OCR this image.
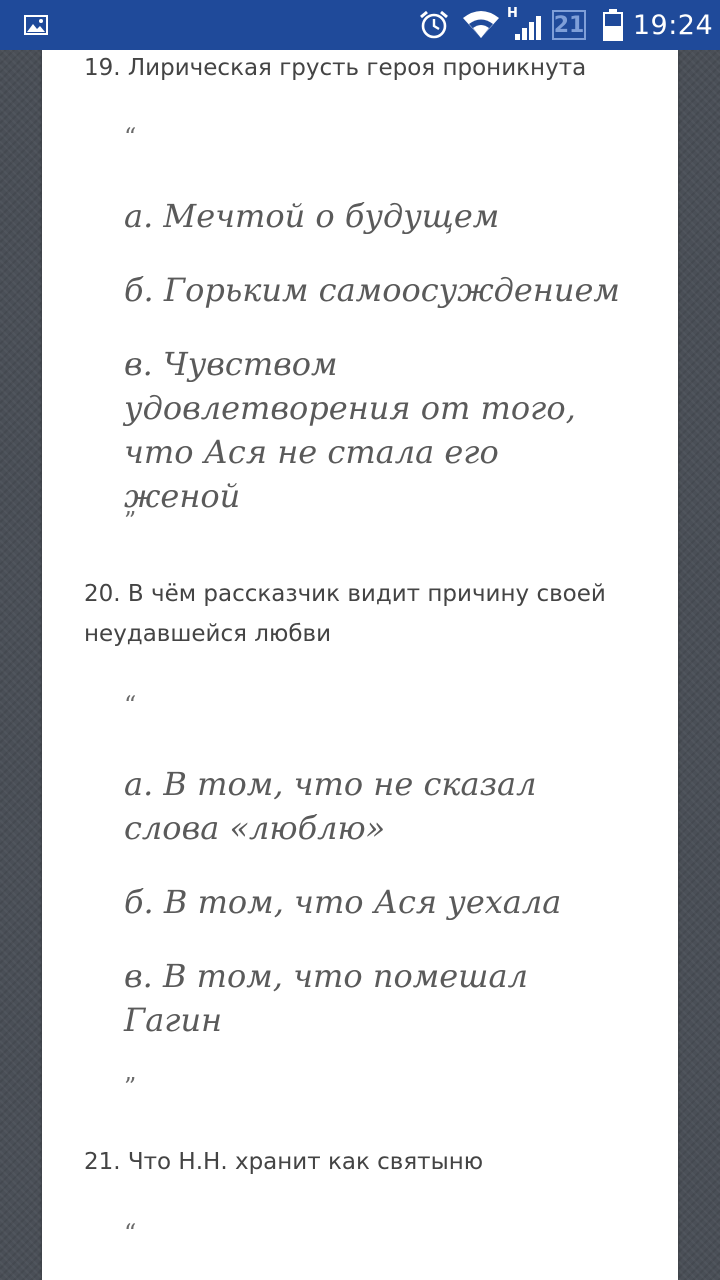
H 21 19:24
19. Лирическая грусть героя проникнута
“
а. Мечтой о будущем
б. Горьким самоосуждением
в. Чувством удовлетворения от того, что Ася не стала его женой
”
20. В чём рассказчик видит причину своей неудавшейся любви
“
а. В том, что не сказал слова «люблю»
б. В том, что Ася уехала
в. В том, что помешал Гагин
”
21. Что Н.Н. хранит как святыню
“
